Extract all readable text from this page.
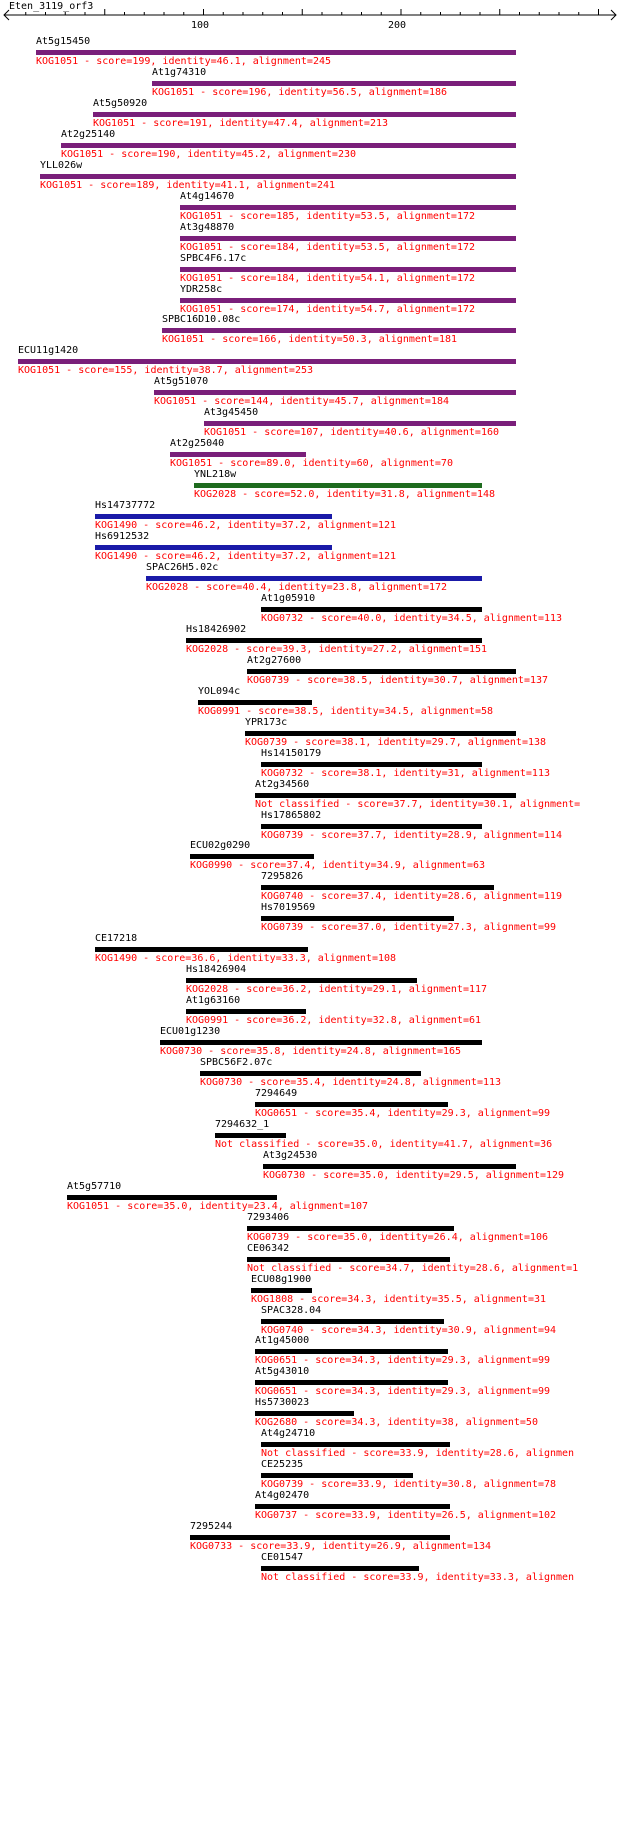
Eten_3119_orf3
100	200
At5g15450
KOG1051 - score=199, identity=46.1, alignment=245
At1g74310
KOG1051 - score=196, identity=56.5, alignment=186
At5g50920
KOG1051 - score=191, identity=47.4, alignment=213
At2g25140
KOG1051 - score=190, identity=45.2, alignment=230
YLL026w
KOG1051 - score=189, identity=41.1, alignment=241
At4g14670
KOG1051 - score=185, identity=53.5, alignment=172
At3g48870
KOG1051 - score=184, identity=53.5, alignment=172
SPBC4F6.17c
KOG1051 - score=184, identity=54.1, alignment=172
YDR258c
KOG1051 - score=174, identity=54.7, alignment=172
SPBC16D10.08c
KOG1051 - score=166, identity=50.3, alignment=181
ECU11g1420
KOG1051 - score=155, identity=38.7, alignment=253
At5g51070
KOG1051 - score=144, identity=45.7, alignment=184
At3g45450
KOG1051 - score=107, identity=40.6, alignment=160
At2g25040
KOG1051 - score=89.0, identity=60, alignment=70
YNL218w
KOG2028 - score=52.0, identity=31.8, alignment=148
Hs14737772
KOG1490 - score=46.2, identity=37.2, alignment=121
Hs6912532
KOG1490 - score=46.2, identity=37.2, alignment=121
SPAC26H5.02c
KOG2028 - score=40.4, identity=23.8, alignment=172
At1g05910
KOG0732 - score=40.0, identity=34.5, alignment=113
Hs18426902
KOG2028 - score=39.3, identity=27.2, alignment=151
At2g27600
KOG0739 - score=38.5, identity=30.7, alignment=137
YOL094c
KOG0991 - score=38.5, identity=34.5, alignment=58
YPR173c
KOG0739 - score=38.1, identity=29.7, alignment=138
Hs14150179
KOG0732 - score=38.1, identity=31, alignment=113
At2g34560
Not classified - score=37.7, identity=30.1, alignment=
Hs17865802
KOG0739 - score=37.7, identity=28.9, alignment=114
ECU02g0290
KOG0990 - score=37.4, identity=34.9, alignment=63
7295826
KOG0740 - score=37.4, identity=28.6, alignment=119
Hs7019569
KOG0739 - score=37.0, identity=27.3, alignment=99
CE17218
KOG1490 - score=36.6, identity=33.3, alignment=108
Hs18426904
KOG2028 - score=36.2, identity=29.1, alignment=117
At1g63160
KOG0991 - score=36.2, identity=32.8, alignment=61
ECU01g1230
KOG0730 - score=35.8, identity=24.8, alignment=165
SPBC56F2.07c
KOG0730 - score=35.4, identity=24.8, alignment=113
7294649
KOG0651 - score=35.4, identity=29.3, alignment=99
7294632_1
Not classified - score=35.0, identity=41.7, alignment=36
At3g24530
KOG0730 - score=35.0, identity=29.5, alignment=129
At5g57710
KOG1051 - score=35.0, identity=23.4, alignment=107
7293406
KOG0739 - score=35.0, identity=26.4, alignment=106
CE06342
Not classified - score=34.7, identity=28.6, alignment=1
ECU08g1900
KOG1808 - score=34.3, identity=35.5, alignment=31
SPAC328.04
KOG0740 - score=34.3, identity=30.9, alignment=94
At1g45000
KOG0651 - score=34.3, identity=29.3, alignment=99
At5g43010
KOG0651 - score=34.3, identity=29.3, alignment=99
Hs5730023
KOG2680 - score=34.3, identity=38, alignment=50
At4g24710
Not classified - score=33.9, identity=28.6, alignmen
CE25235
KOG0739 - score=33.9, identity=30.8, alignment=78
At4g02470
KOG0737 - score=33.9, identity=26.5, alignment=102
7295244
KOG0733 - score=33.9, identity=26.9, alignment=134
CE01547
Not classified - score=33.9, identity=33.3, alignmen
